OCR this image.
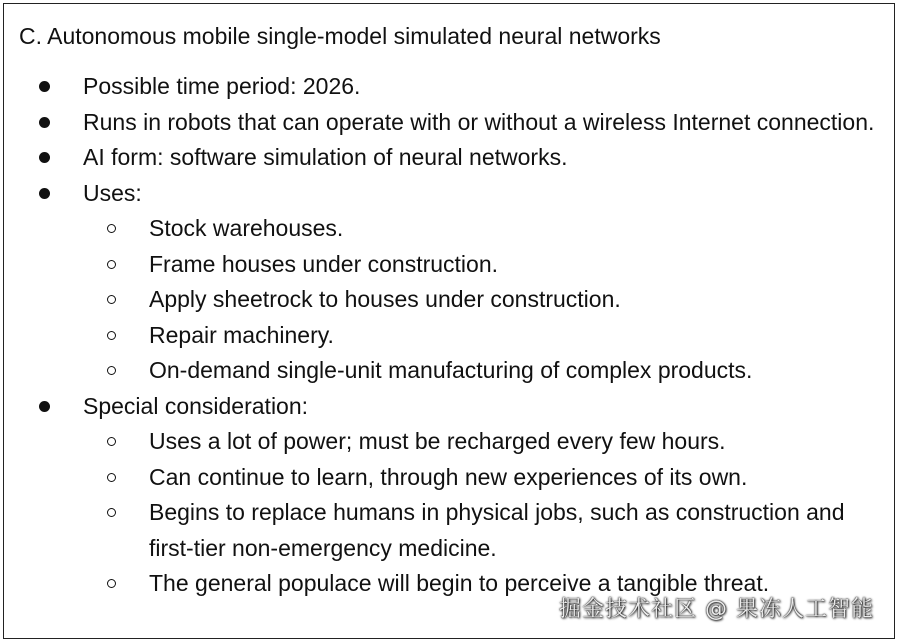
C. Autonomous mobile single-model simulated neural networks
Possible time period: 2026.
Runs in robots that can operate with or without a wireless Internet connection.
AI form: software simulation of neural networks.
Uses:
Stock warehouses.
Frame houses under construction.
Apply sheetrock to houses under construction.
Repair machinery.
On-demand single-unit manufacturing of complex products.
Special consideration:
Uses a lot of power; must be recharged every few hours.
Can continue to learn, through new experiences of its own.
Begins to replace humans in physical jobs, such as construction and first-tier non-emergency medicine.
The general populace will begin to perceive a tangible threat.
掘金技术社区 @ 果冻人工智能
